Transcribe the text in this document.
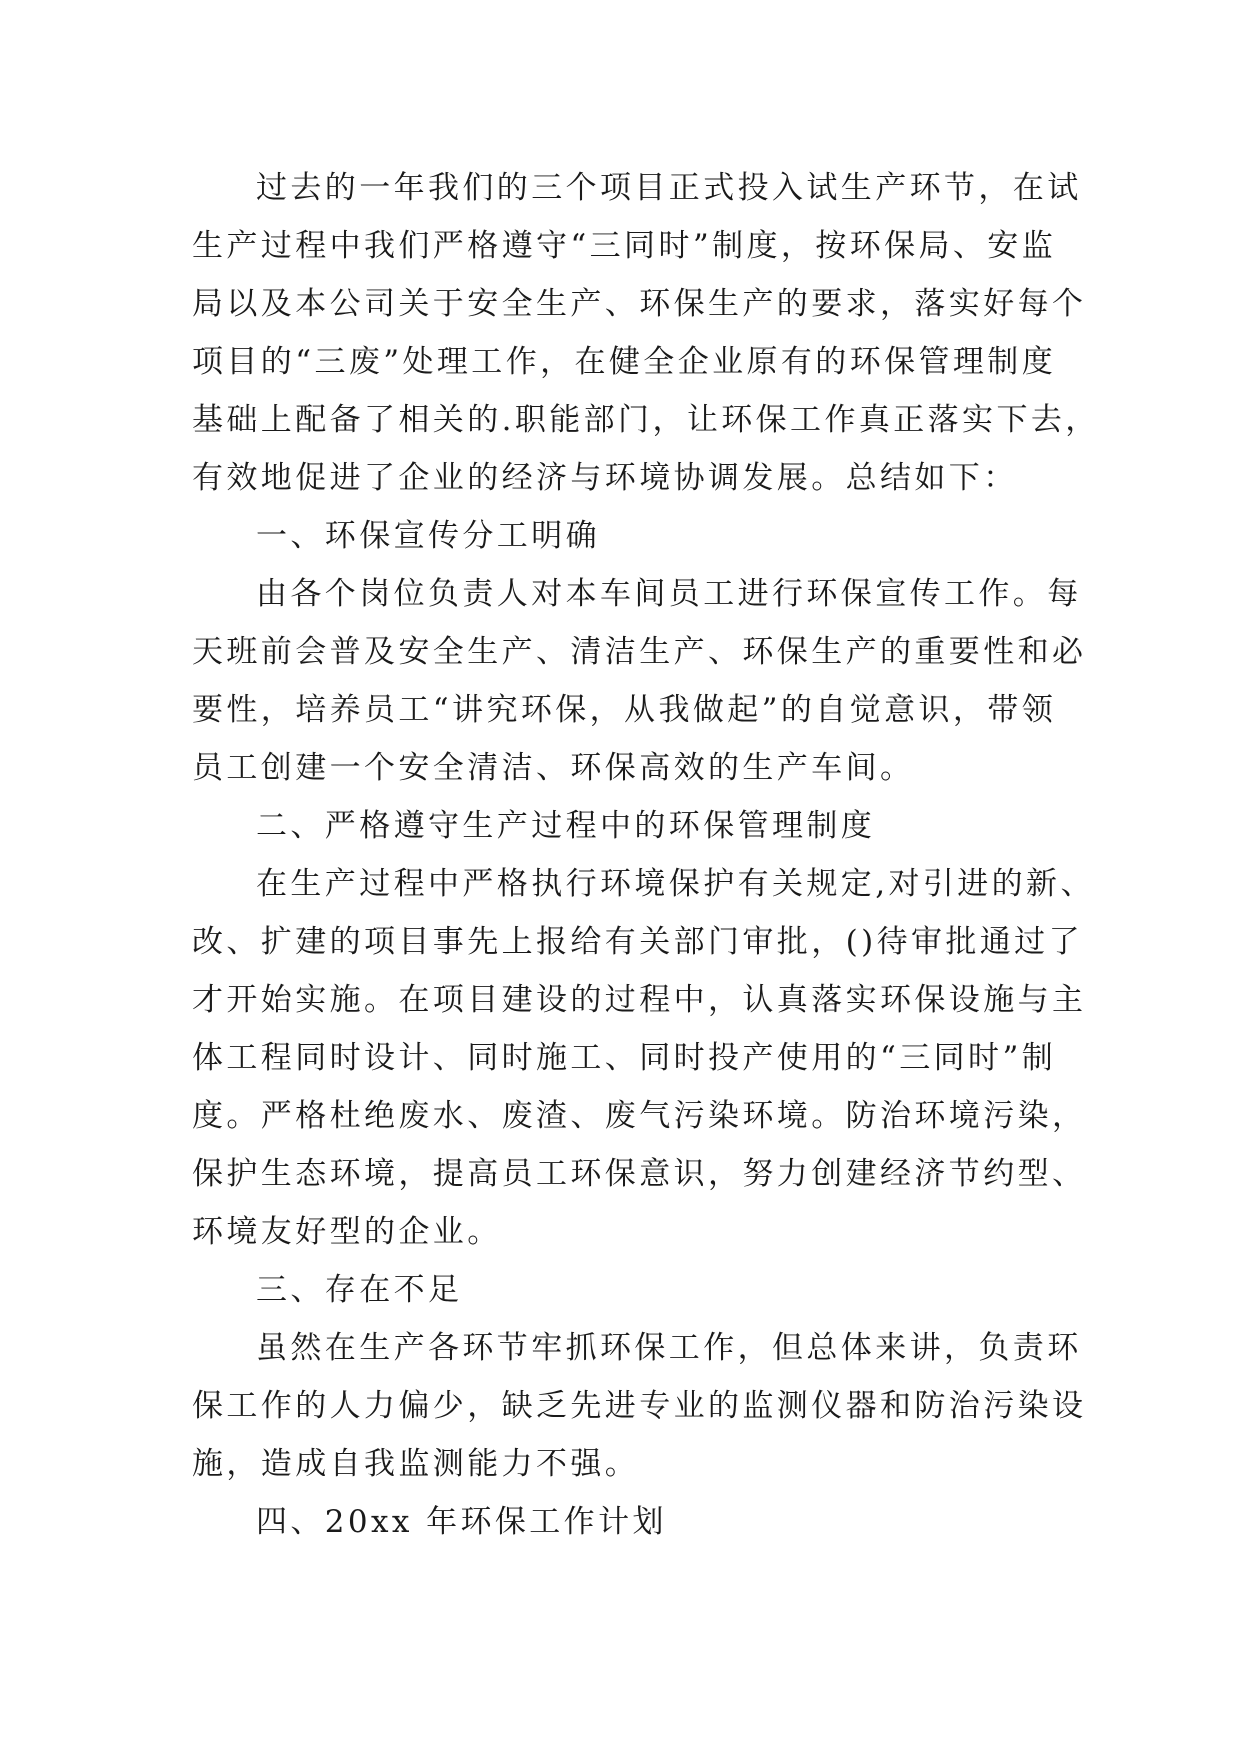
过去的一年我们的三个项目正式投入试生产环节，在试

生产过程中我们严格遵守“三同时”制度，按环保局、安监

局以及本公司关于安全生产、环保生产的要求，落实好每个

项目的“三废”处理工作，在健全企业原有的环保管理制度

基础上配备了相关的.职能部门，让环保工作真正落实下去，

有效地促进了企业的经济与环境协调发展。总结如下：

一、环保宣传分工明确

由各个岗位负责人对本车间员工进行环保宣传工作。每

天班前会普及安全生产、清洁生产、环保生产的重要性和必

要性，培养员工“讲究环保，从我做起”的自觉意识，带领

员工创建一个安全清洁、环保高效的生产车间。

二、严格遵守生产过程中的环保管理制度

在生产过程中严格执行环境保护有关规定,对引进的新、

改、扩建的项目事先上报给有关部门审批，()待审批通过了

才开始实施。在项目建设的过程中，认真落实环保设施与主

体工程同时设计、同时施工、同时投产使用的“三同时”制

度。严格杜绝废水、废渣、废气污染环境。防治环境污染，

保护生态环境，提高员工环保意识，努力创建经济节约型、

环境友好型的企业。

三、存在不足

虽然在生产各环节牢抓环保工作，但总体来讲，负责环

保工作的人力偏少，缺乏先进专业的监测仪器和防治污染设

施，造成自我监测能力不强。

四、20xx 年环保工作计划
